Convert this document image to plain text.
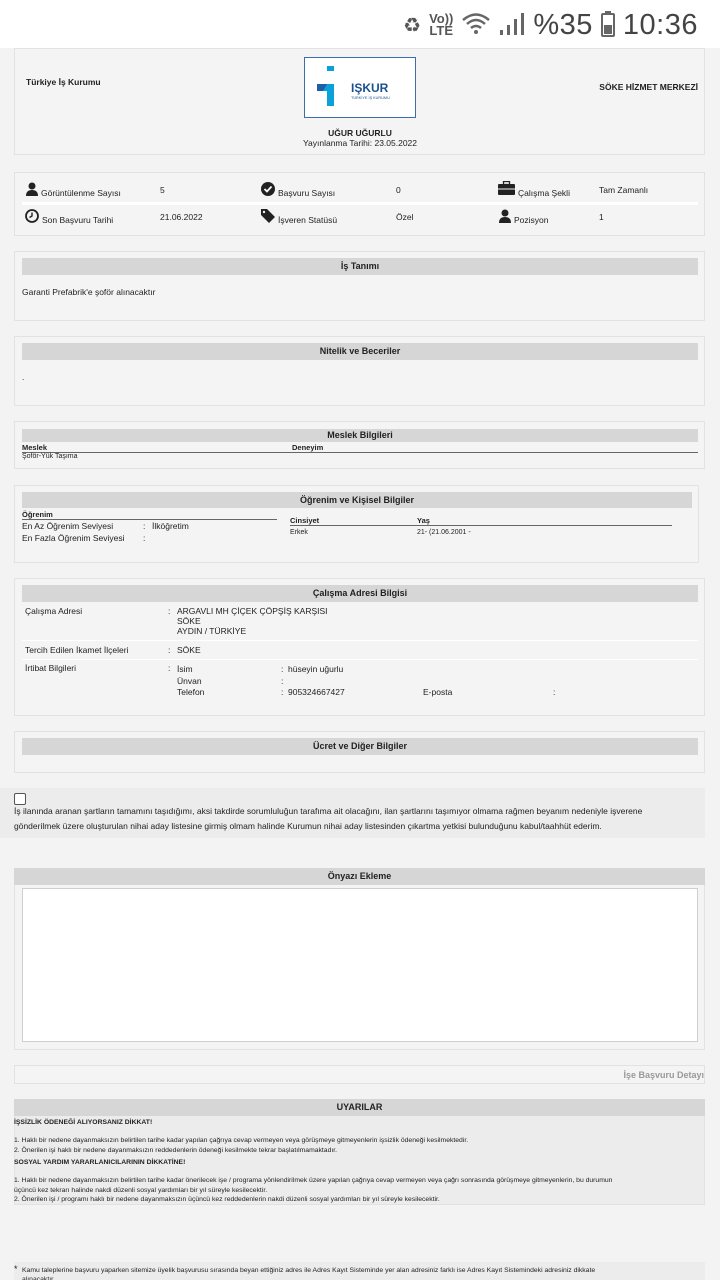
♻ Vo))
LTE	%35 10:36
Türkiye İş Kurumu	IŞKUR
TÜRKİYE İŞ KURUMU
SÖKE HİZMET MERKEZİ
UĞUR UĞURLU
Yayınlanma Tarihi: 23.05.2022
Görüntülenme Sayısı	5	Başvuru Sayısı	0	Çalışma Şekli	Tam Zamanlı
Son Başvuru Tarihi	21.06.2022	İşveren Statüsü	Özel	Pozisyon	1
İş Tanımı
Garanti Prefabrik'e şoför alınacaktır
Nitelik ve Beceriler
.
Meslek Bilgileri
Meslek	Deneyim
Şoför-Yük Taşıma
Öğrenim ve Kişisel Bilgiler
Öğrenim
En Az Öğrenim Seviyesi	: İlköğretim
En Fazla Öğrenim Seviyesi :
Cinsiyet	Yaş
Erkek	21- (21.06.2001 -
Çalışma Adresi Bilgisi
Çalışma Adresi	: ARGAVLI MH ÇİÇEK ÇÖPŞİŞ KARŞISI
SÖKE
AYDIN / TÜRKİYE
Tercih Edilen İkamet İlçeleri	: SÖKE
İrtibat Bilgileri	: İsim	: hüseyin uğurlu
Ünvan	:
Telefon	: 905324667427	E-posta	:
Ücret ve Diğer Bilgiler
İş ilanında aranan şartların tamamını taşıdığımı, aksi takdirde sorumluluğun tarafıma ait olacağını, ilan şartlarını taşımıyor olmama rağmen beyanım nedeniyle işverene
gönderilmek üzere oluşturulan nihai aday listesine girmiş olmam halinde Kurumun nihai aday listesinden çıkartma yetkisi bulunduğunu kabul/taahhüt ederim.
Önyazı Ekleme
İşe Başvuru Detayı
UYARILAR
İŞSİZLİK ÖDENEĞİ ALIYORSANIZ DİKKAT!
1. Haklı bir nedene dayanmaksızın belirtilen tarihe kadar yapılan çağrıya cevap vermeyen veya görüşmeye gitmeyenlerin işsizlik ödeneği kesilmektedir.
2. Önerilen işi haklı bir nedene dayanmaksızın reddedenlerin ödeneği kesilmekte tekrar başlatılmamaktadır.
SOSYAL YARDIM YARARLANICILARININ DİKKATİNE!
1. Haklı bir nedene dayanmaksızın belirtilen tarihe kadar önerilecek işe / programa yönlendirilmek üzere yapılan çağrıya cevap vermeyen veya çağrı sonrasında görüşmeye gitmeyenlerin, bu durumun
üçüncü kez tekrarı halinde nakdi düzenli sosyal yardımları bir yıl süreyle kesilecektir.
2. Önerilen işi / programı haklı bir nedene dayanmaksızın üçüncü kez reddedenlerin nakdi düzenli sosyal yardımları bir yıl süreyle kesilecektir.
* Kamu taleplerine başvuru yaparken sitemize üyelik başvurusu sırasında beyan ettiğiniz adres ile Adres Kayıt Sisteminde yer alan adresiniz farklı ise Adres Kayıt Sistemindeki adresiniz dikkate
alınacaktır.
